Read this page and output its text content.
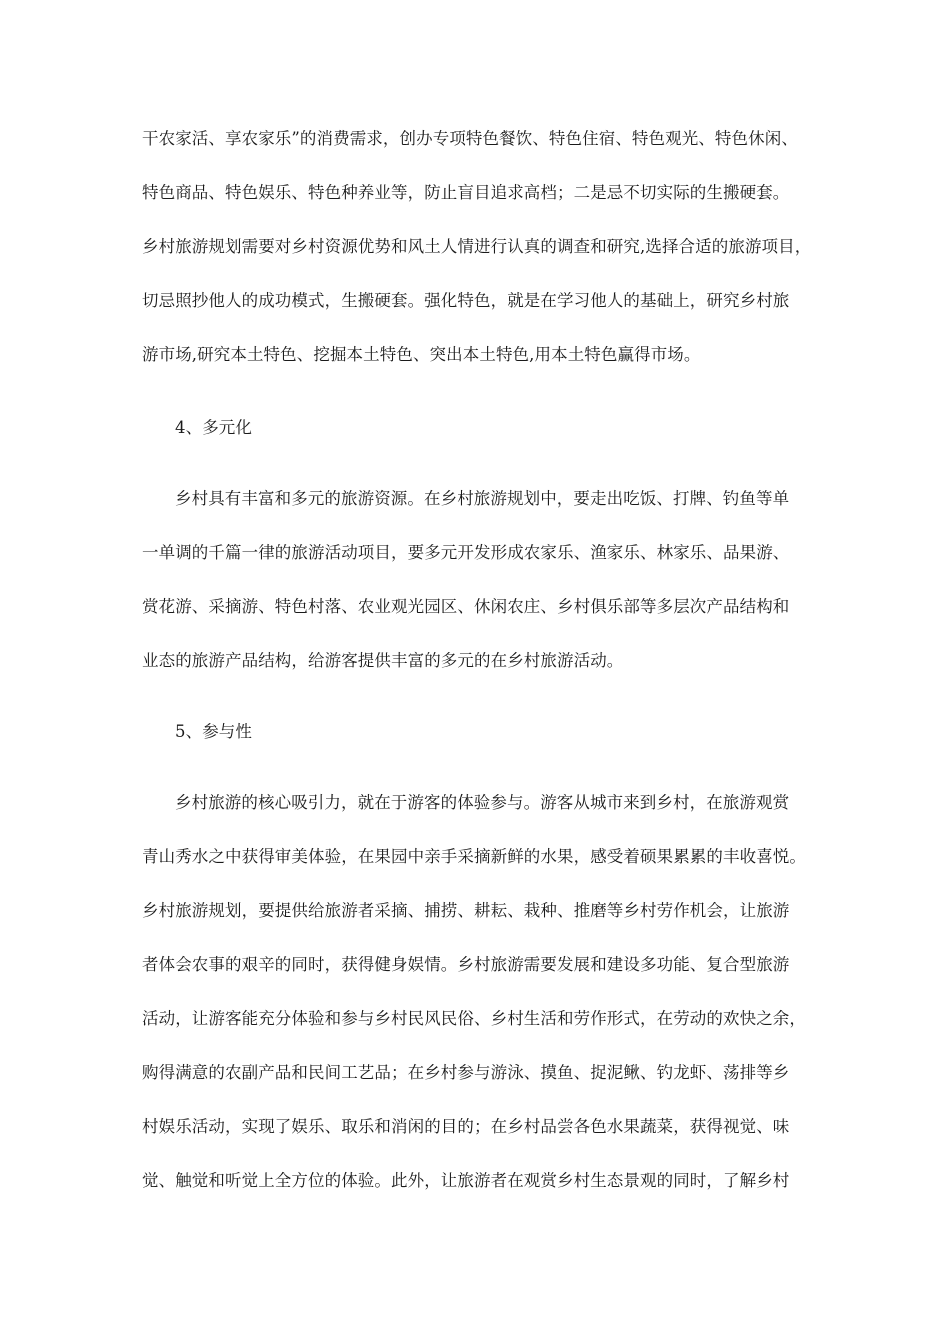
干农家活、享农家乐”的消费需求，创办专项特色餐饮、特色住宿、特色观光、特色休闲、
特色商品、特色娱乐、特色种养业等，防止盲目追求高档；二是忌不切实际的生搬硬套。
乡村旅游规划需要对乡村资源优势和风土人情进行认真的调查和研究,选择合适的旅游项目，
切忌照抄他人的成功模式，生搬硬套。强化特色，就是在学习他人的基础上，研究乡村旅
游市场,研究本土特色、挖掘本土特色、突出本土特色,用本土特色赢得市场。
4、多元化
乡村具有丰富和多元的旅游资源。在乡村旅游规划中，要走出吃饭、打牌、钓鱼等单
一单调的千篇一律的旅游活动项目，要多元开发形成农家乐、渔家乐、林家乐、品果游、
赏花游、采摘游、特色村落、农业观光园区、休闲农庄、乡村俱乐部等多层次产品结构和
业态的旅游产品结构，给游客提供丰富的多元的在乡村旅游活动。
5、参与性
乡村旅游的核心吸引力，就在于游客的体验参与。游客从城市来到乡村，在旅游观赏
青山秀水之中获得审美体验，在果园中亲手采摘新鲜的水果，感受着硕果累累的丰收喜悦。
乡村旅游规划，要提供给旅游者采摘、捕捞、耕耘、栽种、推磨等乡村劳作机会，让旅游
者体会农事的艰辛的同时，获得健身娱情。乡村旅游需要发展和建设多功能、复合型旅游
活动，让游客能充分体验和参与乡村民风民俗、乡村生活和劳作形式，在劳动的欢快之余，
购得满意的农副产品和民间工艺品；在乡村参与游泳、摸鱼、捉泥鳅、钓龙虾、荡排等乡
村娱乐活动，实现了娱乐、取乐和消闲的目的；在乡村品尝各色水果蔬菜，获得视觉、味
觉、触觉和听觉上全方位的体验。此外，让旅游者在观赏乡村生态景观的同时，了解乡村
